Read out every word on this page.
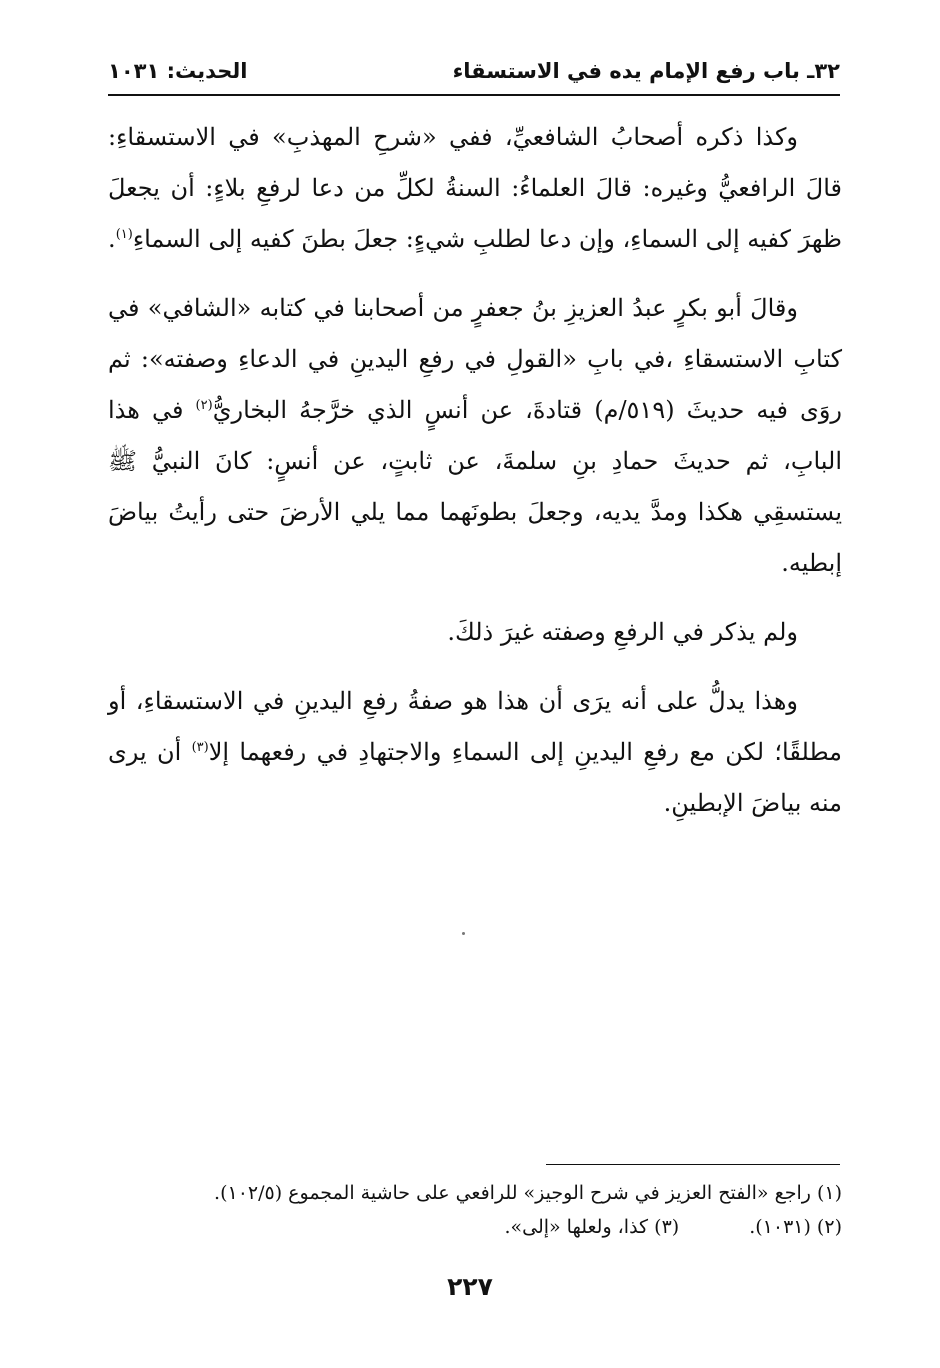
٣٢ـ باب رفع الإمام يده في الاستسقاء
الحديث: ١٠٣١

وكذا ذكره أصحابُ الشافعيِّ، ففي «شرحِ المهذبِ» في الاستسقاءِ: قالَ الرافعيُّ وغيره: قالَ العلماءُ: السنةُ لكلِّ من دعا لرفعِ بلاءٍ: أن يجعلَ ظهرَ كفيه إلى السماءِ، وإن دعا لطلبِ شيءٍ: جعلَ بطنَ كفيه إلى السماءِ$^{(١)}$.

وقالَ أبو بكرٍ عبدُ العزيزِ بنُ جعفرٍ من أصحابنا في كتابه «الشافي» في كتابِ الاستسقاءِ ،في بابِ «القولِ في رفعِ اليدينِ في الدعاءِ وصفته»: ثم روَى فيه حديثَ (٥١٩/م) قتادةَ، عن أنسٍ الذي خرَّجهُ البخاريُّ$^{(٢)}$ في هذا البابِ، ثم حديثَ حمادِ بنِ سلمةَ، عن ثابتٍ، عن أنسٍ: كانَ النبيُّ ﷺ يستسقِي هكذا ومدَّ يديه، وجعلَ بطونَهما مما يلي الأرضَ حتى رأيتُ بياضَ إبطيه.

ولم يذكر في الرفعِ وصفته غيرَ ذلكَ.

وهذا يدلُّ على أنه يرَى أن هذا هو صفةُ رفعِ اليدينِ في الاستسقاءِ، أو مطلقًا؛ لكن مع رفعِ اليدينِ إلى السماءِ والاجتهادِ في رفعهما إلا$^{(٣)}$ أن يرى منه بياضَ الإبطينِ.

(١) راجع «الفتح العزيز في شرح الوجيز» للرافعي على حاشية المجموع (١٠٢/٥).
(٢) (١٠٣١).(٣) كذا، ولعلها «إلى».
٢٢٧
